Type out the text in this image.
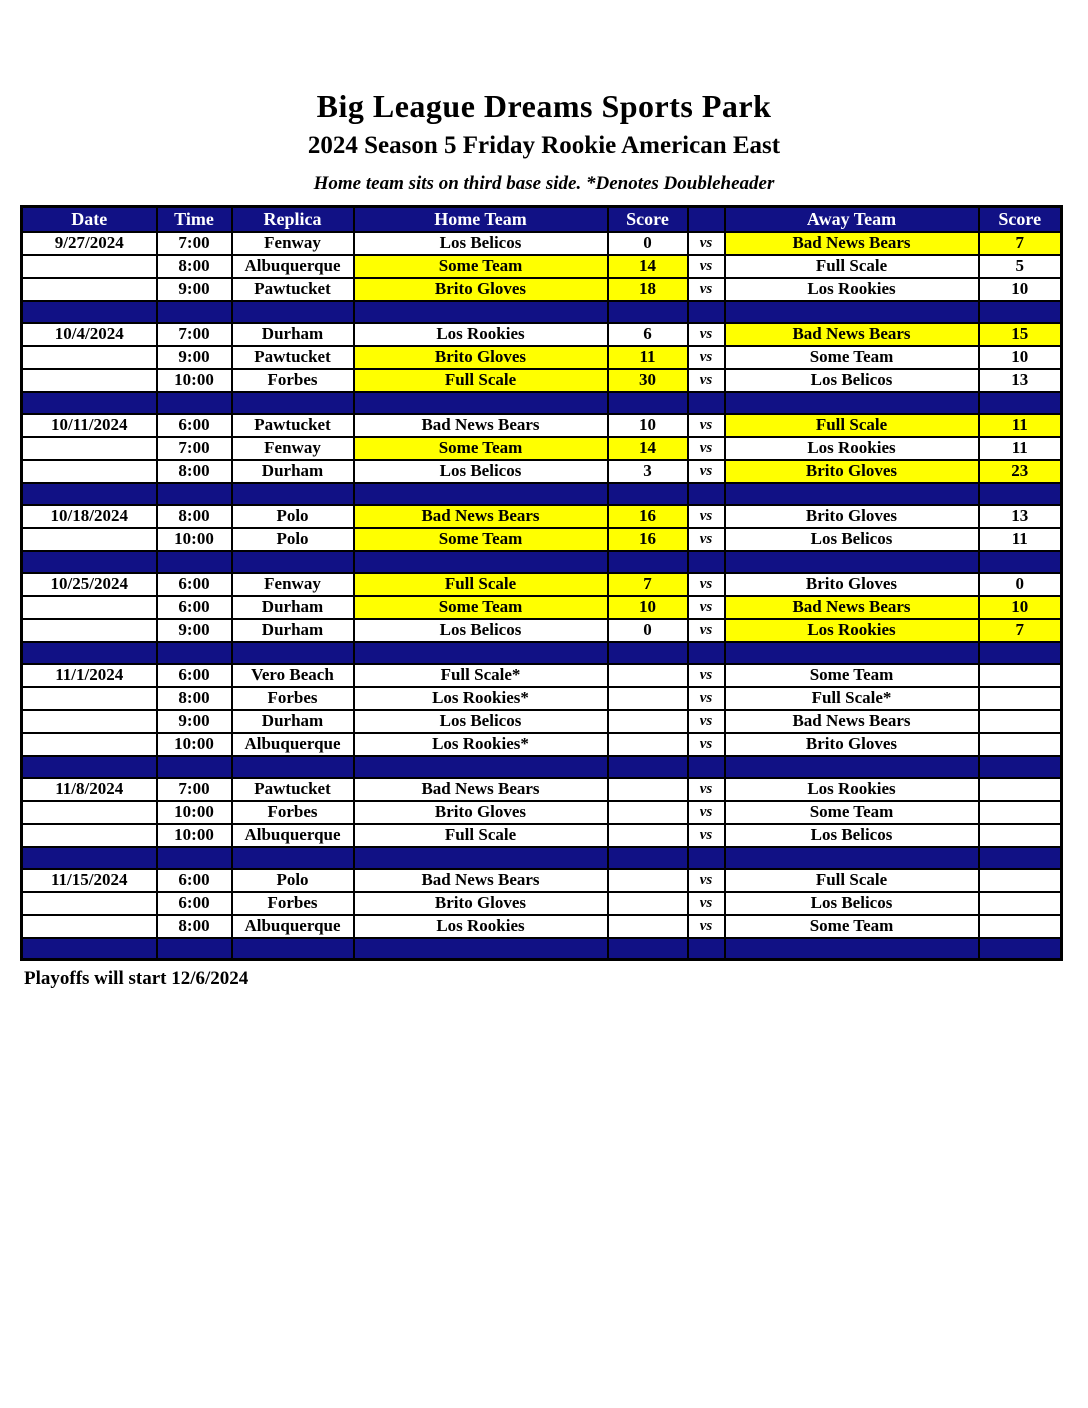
Big League Dreams Sports Park
2024 Season 5 Friday Rookie American East
Home team sits on third base side. *Denotes Doubleheader
Date	Time	Replica	Home Team	Score		Away Team	Score
9/27/2024	7:00	Fenway	Los Belicos	0	vs	Bad News Bears	7
	8:00	Albuquerque	Some Team	14	vs	Full Scale	5
	9:00	Pawtucket	Brito Gloves	18	vs	Los Rookies	10

10/4/2024	7:00	Durham	Los Rookies	6	vs	Bad News Bears	15
	9:00	Pawtucket	Brito Gloves	11	vs	Some Team	10
	10:00	Forbes	Full Scale	30	vs	Los Belicos	13

10/11/2024	6:00	Pawtucket	Bad News Bears	10	vs	Full Scale	11
	7:00	Fenway	Some Team	14	vs	Los Rookies	11
	8:00	Durham	Los Belicos	3	vs	Brito Gloves	23

10/18/2024	8:00	Polo	Bad News Bears	16	vs	Brito Gloves	13
	10:00	Polo	Some Team	16	vs	Los Belicos	11

10/25/2024	6:00	Fenway	Full Scale	7	vs	Brito Gloves	0
	6:00	Durham	Some Team	10	vs	Bad News Bears	10
	9:00	Durham	Los Belicos	0	vs	Los Rookies	7

11/1/2024	6:00	Vero Beach	Full Scale*		vs	Some Team	
	8:00	Forbes	Los Rookies*		vs	Full Scale*	
	9:00	Durham	Los Belicos		vs	Bad News Bears	
	10:00	Albuquerque	Los Rookies*		vs	Brito Gloves	

11/8/2024	7:00	Pawtucket	Bad News Bears		vs	Los Rookies	
	10:00	Forbes	Brito Gloves		vs	Some Team	
	10:00	Albuquerque	Full Scale		vs	Los Belicos	

11/15/2024	6:00	Polo	Bad News Bears		vs	Full Scale	
	6:00	Forbes	Brito Gloves		vs	Los Belicos	
	8:00	Albuquerque	Los Rookies		vs	Some Team	

Playoffs will start 12/6/2024
